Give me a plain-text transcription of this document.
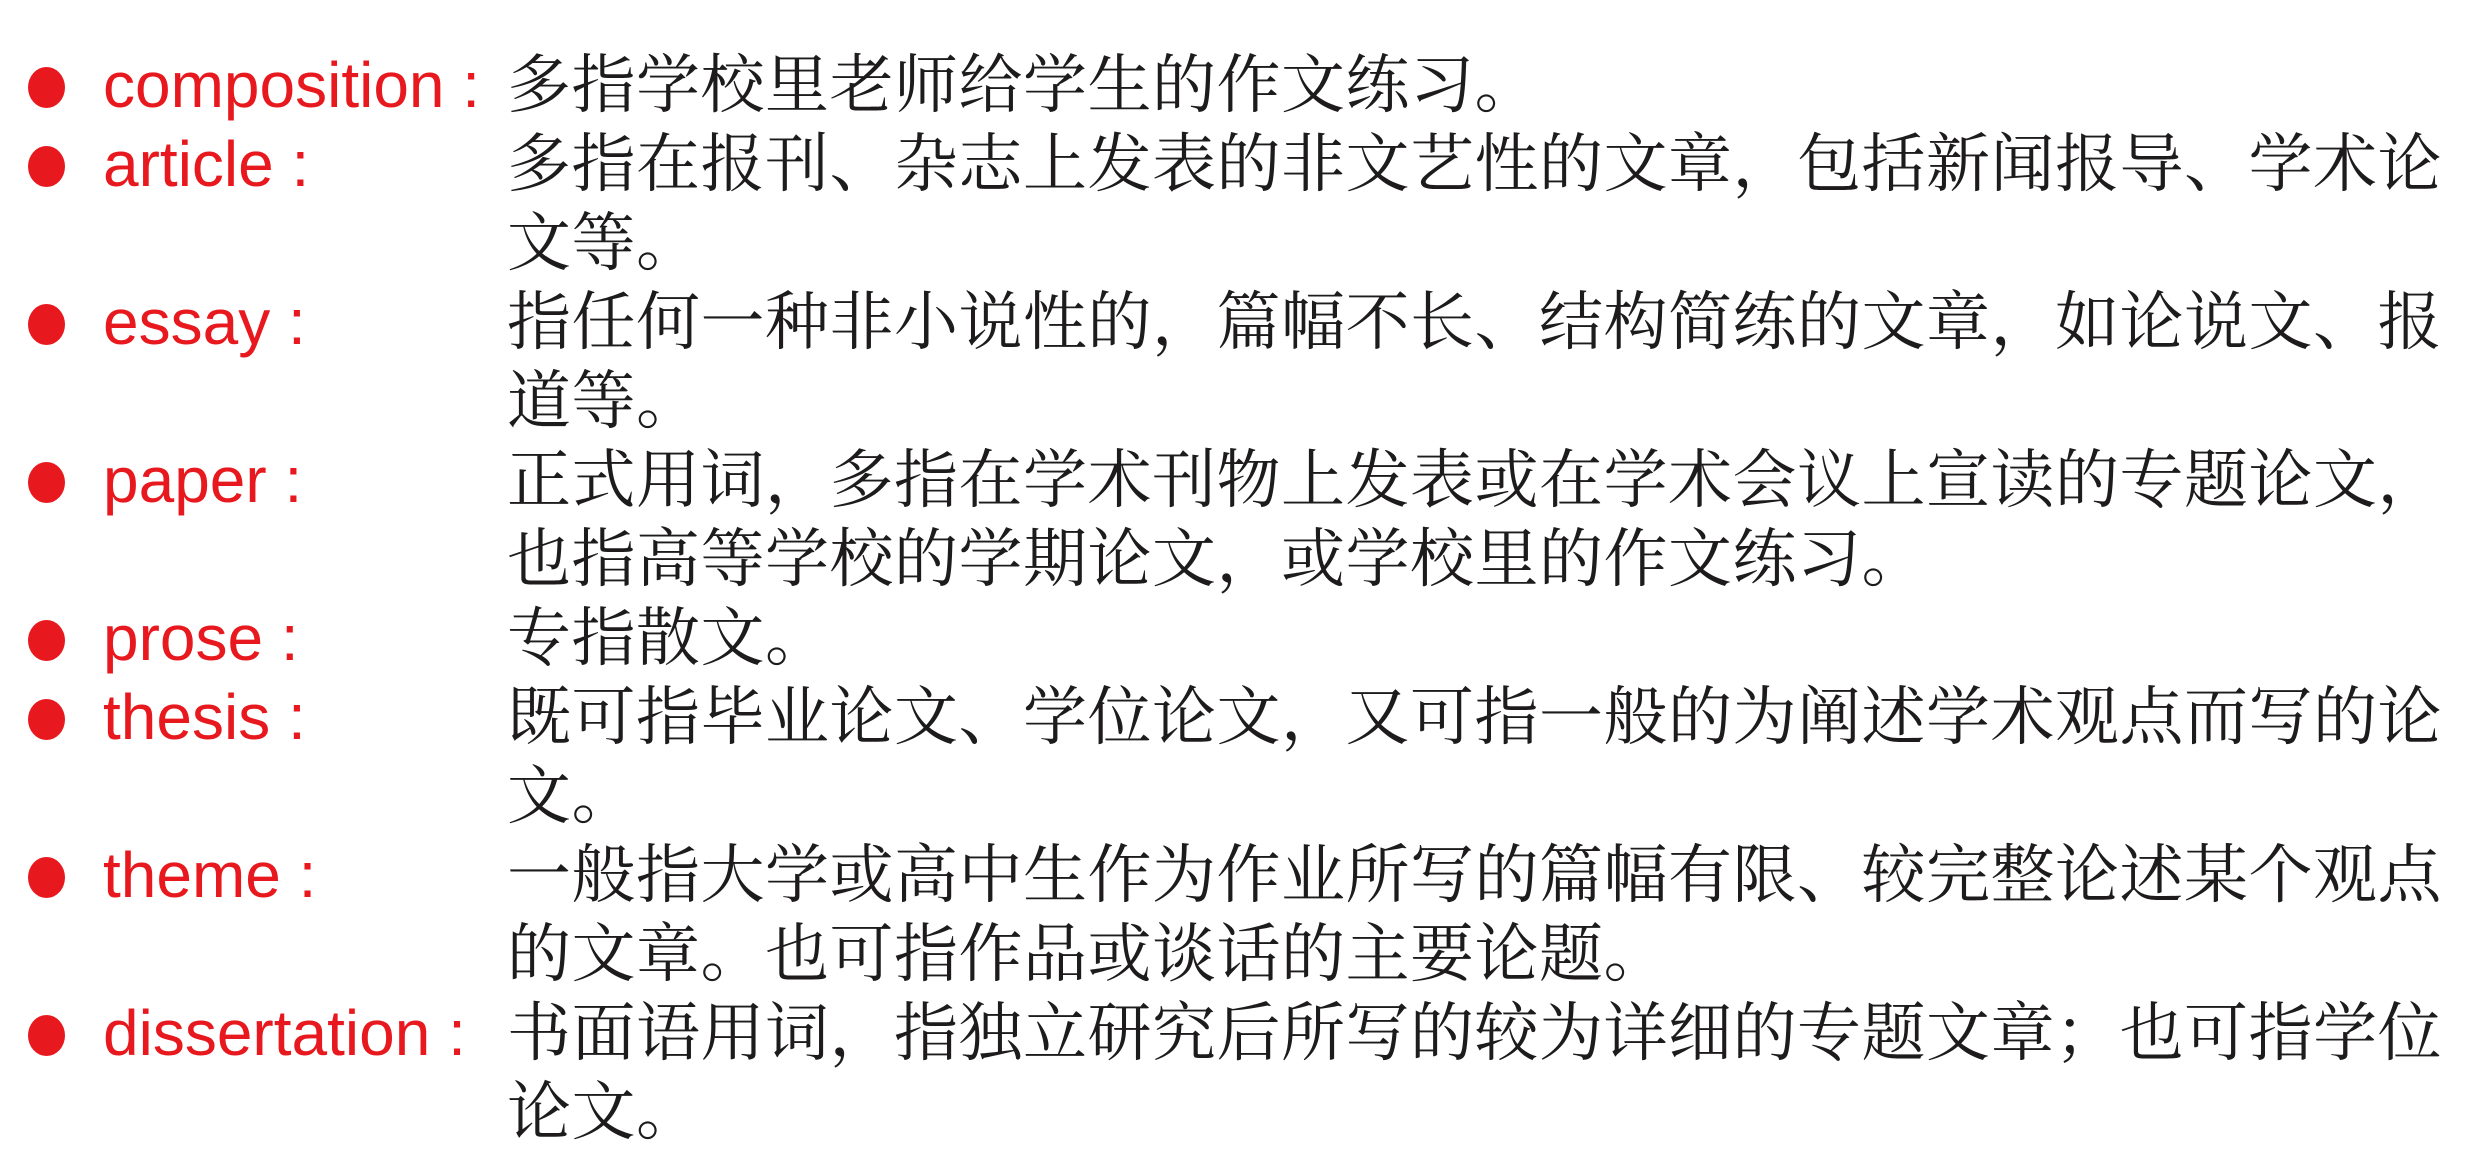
composition : 多指学校里老师给学生的作文练习。
article :	多指在报刊、杂志上发表的非文艺性的文章，包括新闻报导、学术论文等。
essay :	指任何一种非小说性的，篇幅不长、结构简练的文章，如论说文、报道等。
paper :	正式用词，多指在学术刊物上发表或在学术会议上宣读的专题论文，也指高等学校的学期论文，或学校里的作文练习。
prose :	专指散文。
thesis :	既可指毕业论文、学位论文，又可指一般的为阐述学术观点而写的论文。
theme :	一般指大学或高中生作为作业所写的篇幅有限、较完整论述某个观点的文章。也可指作品或谈话的主要论题。
dissertation : 书面语用词，指独立研究后所写的较为详细的专题文章；也可指学位论文。
